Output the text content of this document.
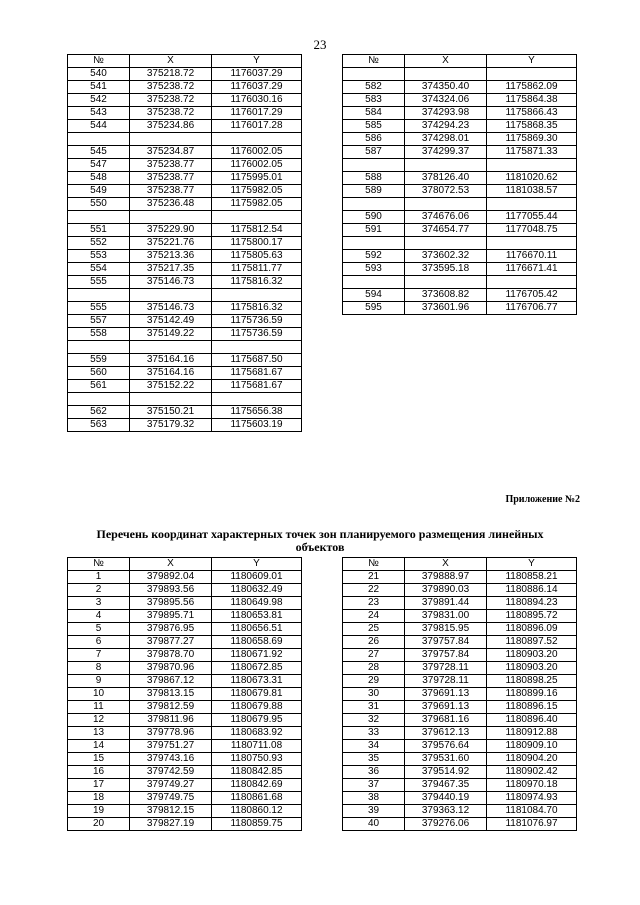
23
№	X	Y
540	375218.72	1176037.29
541	375238.72	1176037.29
542	375238.72	1176030.16
543	375238.72	1176017.29
544	375234.86	1176017.28

545	375234.87	1176002.05
547	375238.77	1176002.05
548	375238.77	1175995.01
549	375238.77	1175982.05
550	375236.48	1175982.05

551	375229.90	1175812.54
552	375221.76	1175800.17
553	375213.36	1175805.63
554	375217.35	1175811.77
555	375146.73	1175816.32

555	375146.73	1175816.32
557	375142.49	1175736.59
558	375149.22	1175736.59

559	375164.16	1175687.50
560	375164.16	1175681.67
561	375152.22	1175681.67

562	375150.21	1175656.38
563	375179.32	1175603.19
№	X	Y

582	374350.40	1175862.09
583	374324.06	1175864.38
584	374293.98	1175866.43
585	374294.23	1175868.35
586	374298.01	1175869.30
587	374299.37	1175871.33

588	378126.40	1181020.62
589	378072.53	1181038.57

590	374676.06	1177055.44
591	374654.77	1177048.75

592	373602.32	1176670.11
593	373595.18	1176671.41

594	373608.82	1176705.42
595	373601.96	1176706.77
Приложение №2
Перечень координат характерных точек зон планируемого размещения линейных объектов
№	X	Y
1	379892.04	1180609.01
2	379893.56	1180632.49
3	379895.56	1180649.98
4	379895.71	1180653.81
5	379876.95	1180656.51
6	379877.27	1180658.69
7	379878.70	1180671.92
8	379870.96	1180672.85
9	379867.12	1180673.31
10	379813.15	1180679.81
11	379812.59	1180679.88
12	379811.96	1180679.95
13	379778.96	1180683.92
14	379751.27	1180711.08
15	379743.16	1180750.93
16	379742.59	1180842.85
17	379749.27	1180842.69
18	379749.75	1180861.68
19	379812.15	1180860.12
20	379827.19	1180859.75
№	X	Y
21	379888.97	1180858.21
22	379890.03	1180886.14
23	379891.44	1180894.23
24	379831.00	1180895.72
25	379815.95	1180896.09
26	379757.84	1180897.52
27	379757.84	1180903.20
28	379728.11	1180903.20
29	379728.11	1180898.25
30	379691.13	1180899.16
31	379691.13	1180896.15
32	379681.16	1180896.40
33	379612.13	1180912.88
34	379576.64	1180909.10
35	379531.60	1180904.20
36	379514.92	1180902.42
37	379467.35	1180970.18
38	379440.19	1180974.93
39	379363.12	1181084.70
40	379276.06	1181076.97
